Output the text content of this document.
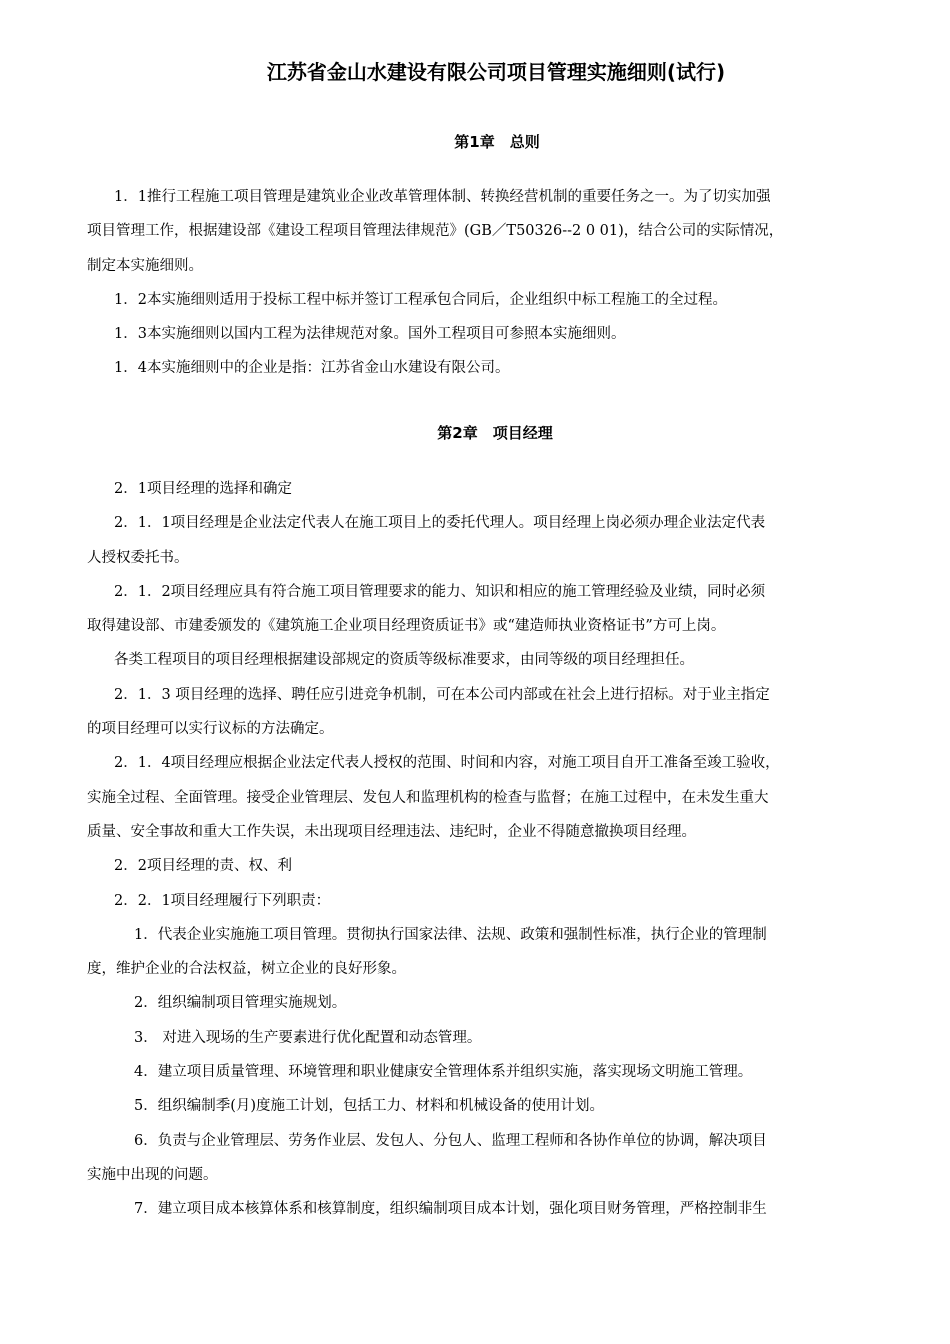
江苏省金山水建设有限公司项目管理实施细则(试行)
第1章　总则

1．1推行工程施工项目管理是建筑业企业改革管理体制、转换经营机制的重要任务之一。为了切实加强

项目管理工作，根据建设部《建设工程项目管理法律规范》(GB／T50326--2 0 01)，结合公司的实际情况，

制定本实施细则。

1．2本实施细则适用于投标工程中标并签订工程承包合同后，企业组织中标工程施工的全过程。

1．3本实施细则以国内工程为法律规范对象。国外工程项目可参照本实施细则。

1．4本实施细则中的企业是指：江苏省金山水建设有限公司。

第2章　项目经理

2．1项目经理的选择和确定

2．1．1项目经理是企业法定代表人在施工项目上的委托代理人。项目经理上岗必须办理企业法定代表

人授权委托书。

2．1．2项目经理应具有符合施工项目管理要求的能力、知识和相应的施工管理经验及业绩，同时必须

取得建设部、市建委颁发的《建筑施工企业项目经理资质证书》或“建造师执业资格证书”方可上岗。

各类工程项目的项目经理根据建设部规定的资质等级标准要求，由同等级的项目经理担任。

2．1．3 项目经理的选择、聘任应引进竞争机制，可在本公司内部或在社会上进行招标。对于业主指定

的项目经理可以实行议标的方法确定。

2．1．4项目经理应根据企业法定代表人授权的范围、时间和内容，对施工项目自开工准备至竣工验收，

实施全过程、全面管理。接受企业管理层、发包人和监理机构的检查与监督；在施工过程中，在未发生重大

质量、安全事故和重大工作失误，未出现项目经理违法、违纪时，企业不得随意撤换项目经理。

2．2项目经理的责、权、利

2．2．1项目经理履行下列职责：

1．代表企业实施施工项目管理。贯彻执行国家法律、法规、政策和强制性标准，执行企业的管理制

度，维护企业的合法权益，树立企业的良好形象。

2．组织编制项目管理实施规划。

3． 对进入现场的生产要素进行优化配置和动态管理。

4．建立项目质量管理、环境管理和职业健康安全管理体系并组织实施，落实现场文明施工管理。

5．组织编制季(月)度施工计划，包括工力、材料和机械设备的使用计划。

6．负责与企业管理层、劳务作业层、发包人、分包人、监理工程师和各协作单位的协调，解决项目

实施中出现的问题。

7．建立项目成本核算体系和核算制度，组织编制项目成本计划，强化项目财务管理，严格控制非生
